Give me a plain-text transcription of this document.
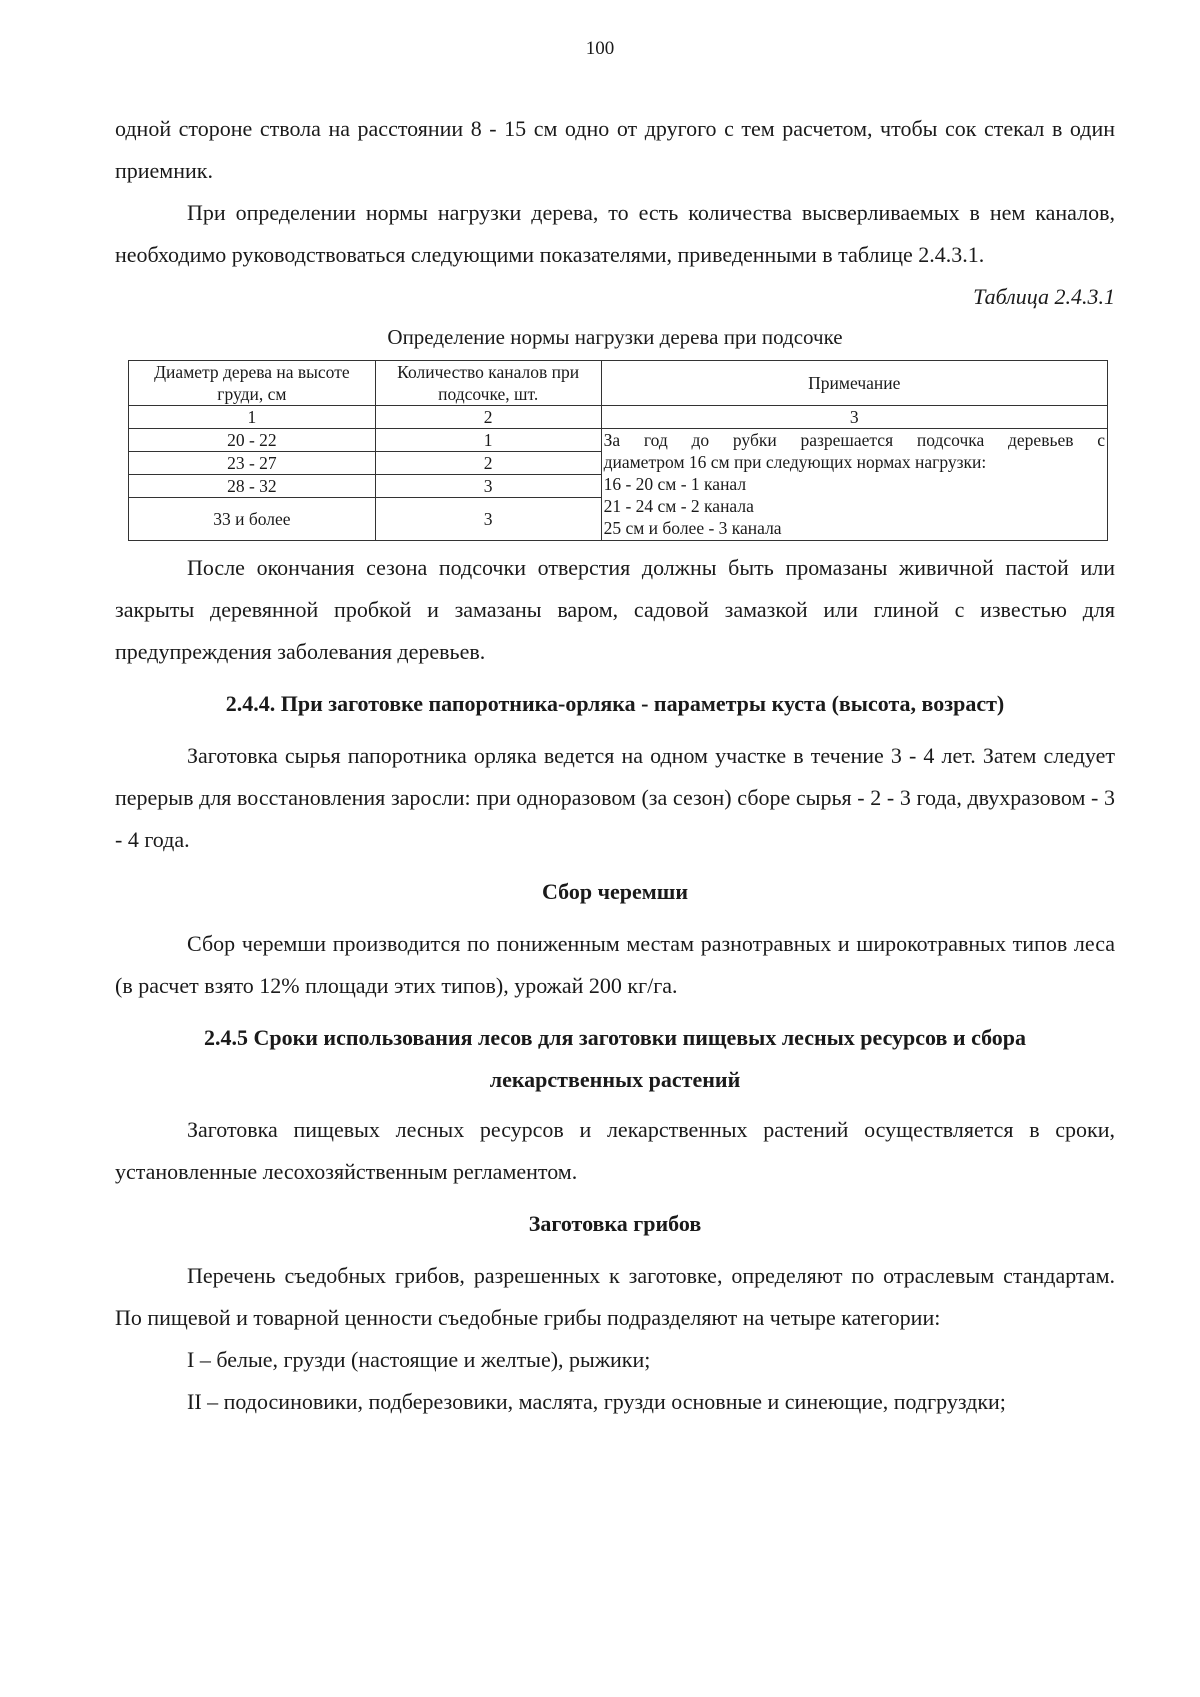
100

одной стороне ствола на расстоянии 8 - 15 см одно от другого с тем расчетом, чтобы сок стекал в один приемник.

При определении нормы нагрузки дерева, то есть количества высверливаемых в нем каналов, необходимо руководствоваться следующими показателями, приведенными в таблице 2.4.3.1.

Таблица 2.4.3.1
Определение нормы нагрузки дерева при подсочке
Диаметр дерева на высоте груди, см	Количество каналов при подсочке, шт.	Примечание
1	2	3
20 - 22	1	За год до рубки разрешается подсочка деревьев с
диаметром 16 см при следующих нормах нагрузки:
16 - 20 см - 1 канал
21 - 24 см - 2 канала
25 см и более - 3 канала

23 - 27	2	
28 - 32	3	
33 и более	3	

После окончания сезона подсочки отверстия должны быть промазаны живичной пастой или закрыты деревянной пробкой и замазаны варом, садовой замазкой или глиной с известью для предупреждения заболевания деревьев.

2.4.4. При заготовке папоротника-орляка - параметры куста (высота, возраст)

Заготовка сырья папоротника орляка ведется на одном участке в течение 3 - 4 лет. Затем следует перерыв для восстановления заросли: при одноразовом (за сезон) сборе сырья - 2 - 3 года, двухразовом - 3 - 4 года.

Сбор черемши

Сбор черемши производится по пониженным местам разнотравных и широкотравных типов леса (в расчет взято 12% площади этих типов), урожай 200 кг/га.

2.4.5 Сроки использования лесов для заготовки пищевых лесных ресурсов и сбора
лекарственных растений

Заготовка пищевых лесных ресурсов и лекарственных растений осуществляется в сроки, установленные лесохозяйственным регламентом.

Заготовка грибов

Перечень съедобных грибов, разрешенных к заготовке, определяют по отраслевым стандартам. По пищевой и товарной ценности съедобные грибы подразделяют на четыре категории:

I – белые, грузди (настоящие и желтые), рыжики;

II – подосиновики, подберезовики, маслята, грузди основные и синеющие, подгруздки;
